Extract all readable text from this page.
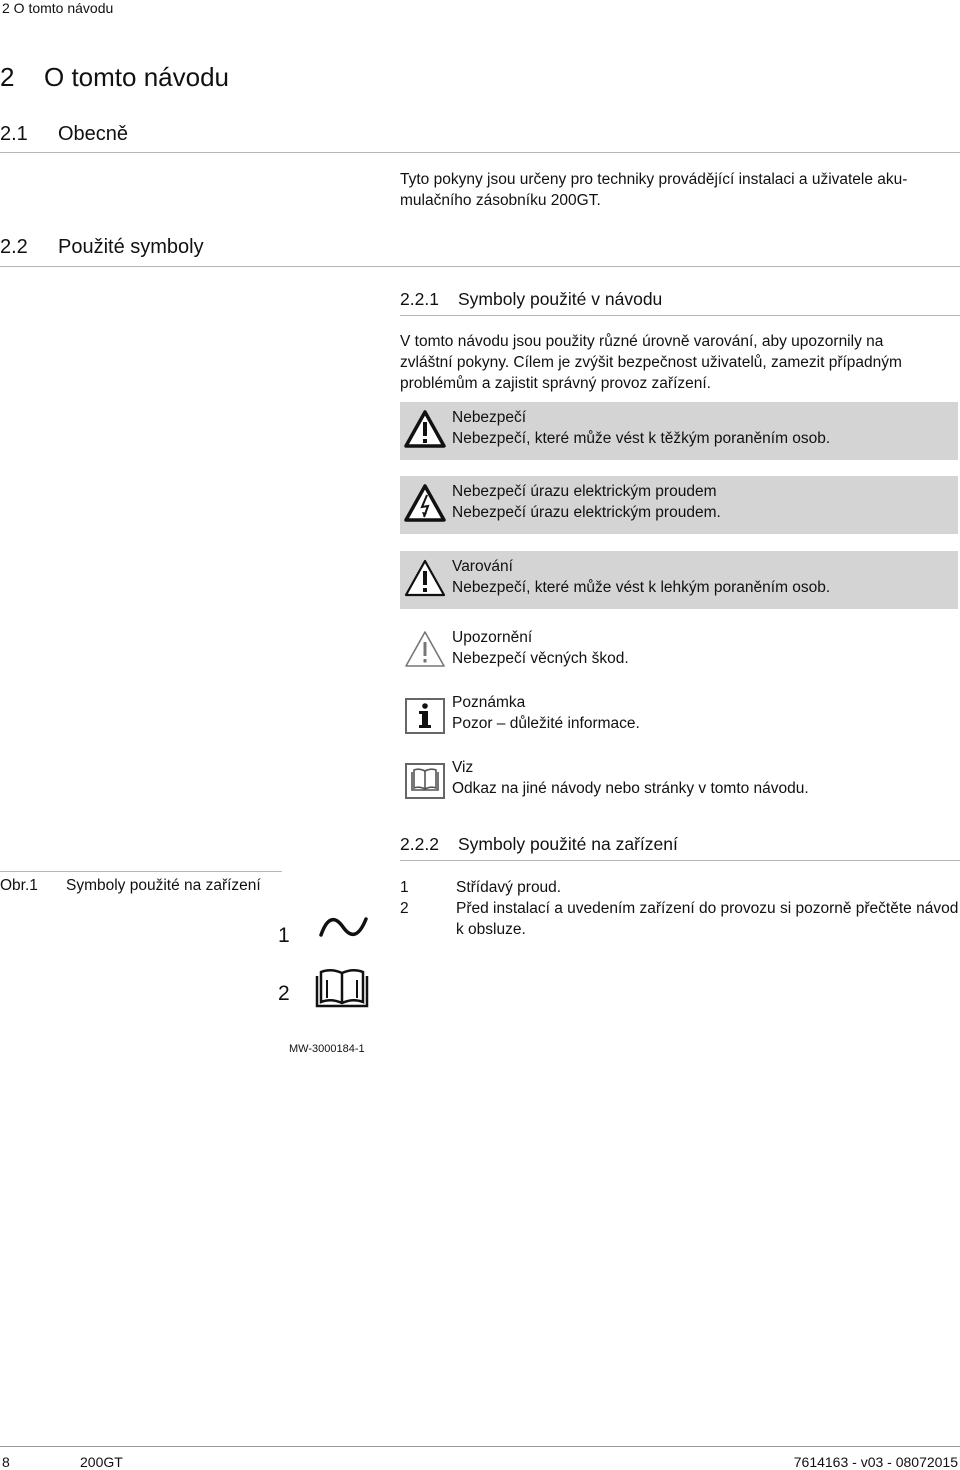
2 O tomto návodu
2 O tomto návodu
2.1 Obecně
Tyto pokyny jsou určeny pro techniky provádějící instalaci a uživatele aku-
mulačního zásobníku 200GT.
2.2 Použité symboly
2.2.1 Symboly použité v návodu
V tomto návodu jsou použity různé úrovně varování, aby upozornily na
zvláštní pokyny. Cílem je zvýšit bezpečnost uživatelů, zamezit případným
problémům a zajistit správný provoz zařízení.
Nebezpečí
Nebezpečí, které může vést k těžkým poraněním osob.
Nebezpečí úrazu elektrickým proudem
Nebezpečí úrazu elektrickým proudem.
Varování
Nebezpečí, které může vést k lehkým poraněním osob.
Upozornění
Nebezpečí věcných škod.
Poznámka
Pozor – důležité informace.
Viz
Odkaz na jiné návody nebo stránky v tomto návodu.
2.2.2 Symboly použité na zařízení
Obr.1 Symboly použité na zařízení
1
2
MW-3000184-1
1	Střídavý proud.
2	Před instalací a uvedením zařízení do provozu si pozorně přečtěte návod k obsluze.
8	200GT	7614163 - v03 - 08072015
